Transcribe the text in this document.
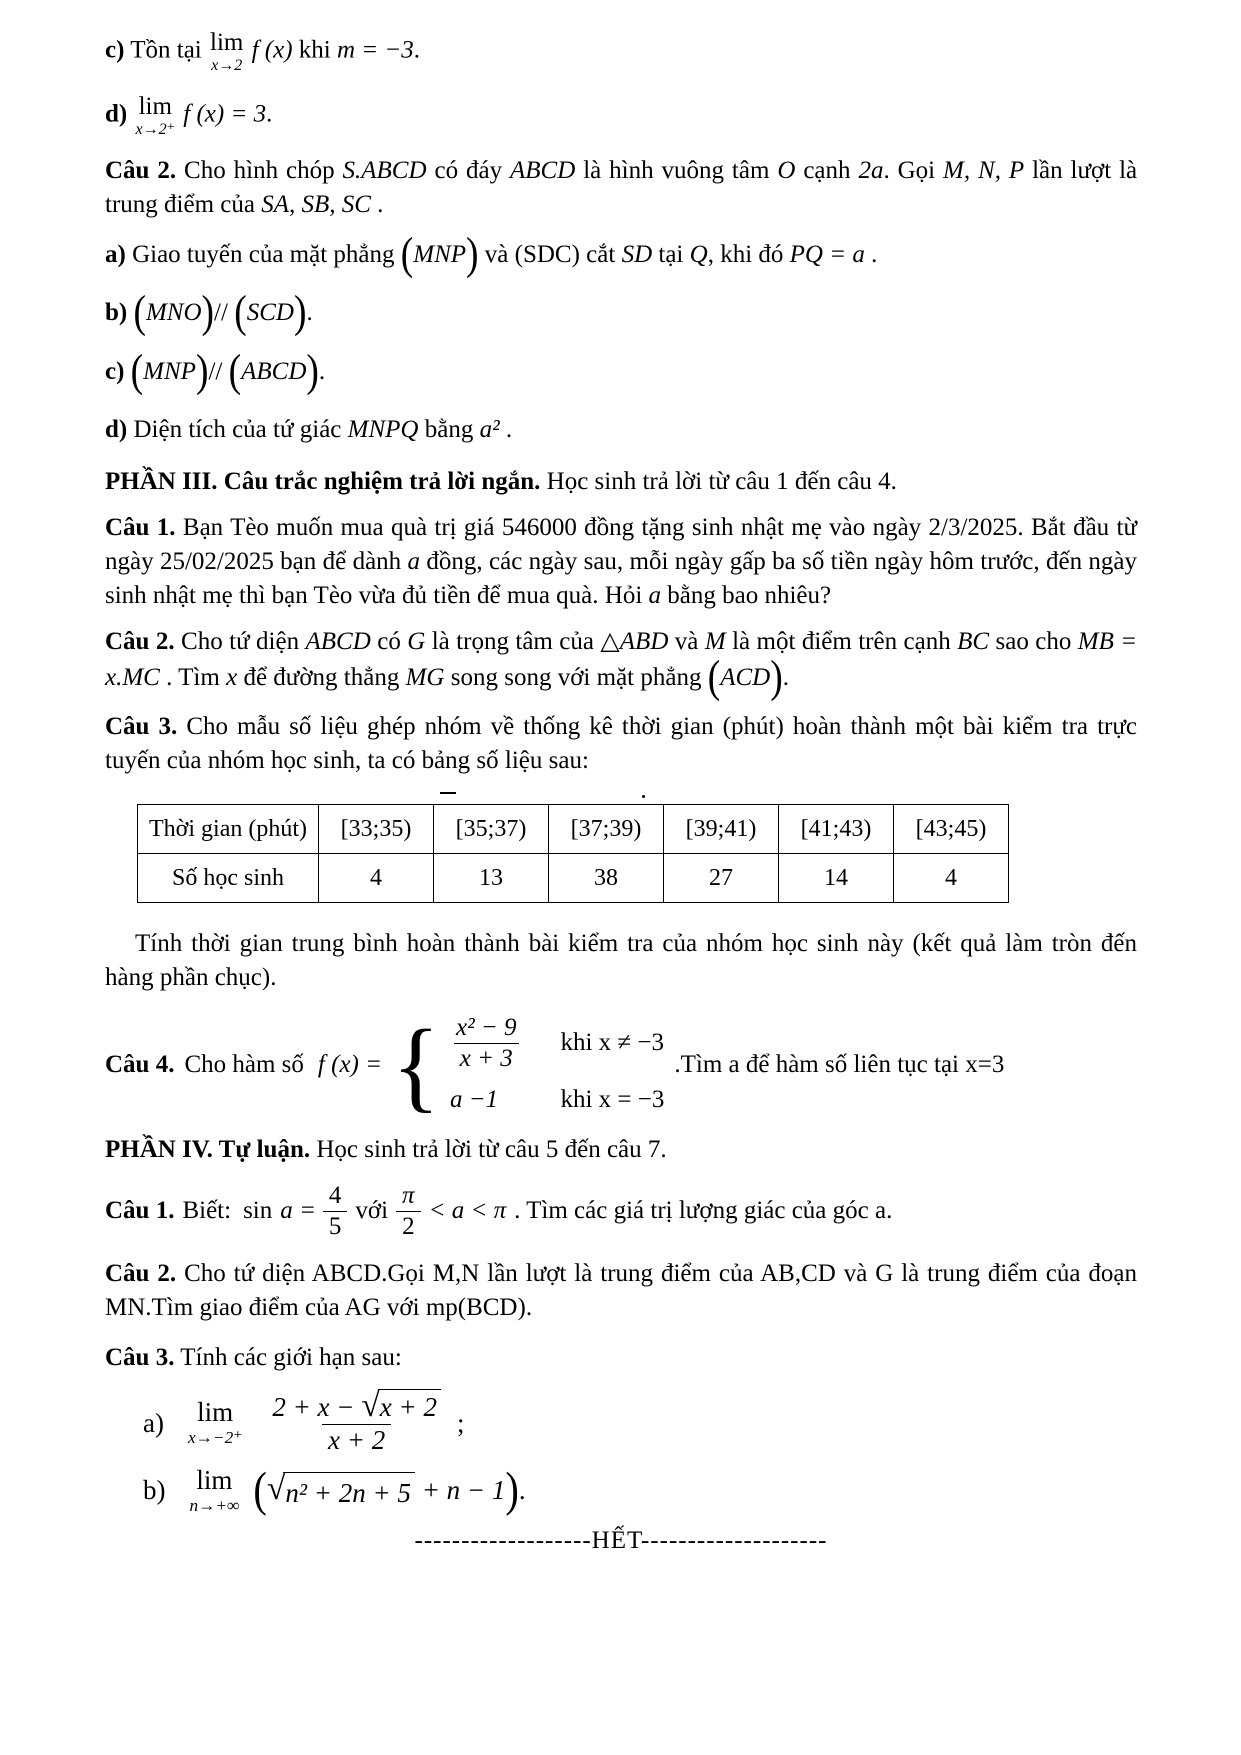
c) Tồn tại lim
x→2
f (x) khi m = −3.

d) lim
x→2⁺
f (x) = 3.

Câu 2. Cho hình chóp S.ABCD có đáy ABCD là hình vuông tâm O cạnh 2a. Gọi M, N, P lần lượt là trung điểm của SA, SB, SC .

a) Giao tuyến của mặt phẳng (MNP) và (SDC) cắt SD tại Q, khi đó PQ = a .

b) (MNO)// (SCD).

c) (MNP)// (ABCD).

d) Diện tích của tứ giác MNPQ bằng a² .

PHẦN III. Câu trắc nghiệm trả lời ngắn. Học sinh trả lời từ câu 1 đến câu 4.

Câu 1. Bạn Tèo muốn mua quà trị giá 546000 đồng tặng sinh nhật mẹ vào ngày 2/3/2025. Bắt đầu từ ngày 25/02/2025 bạn để dành a đồng, các ngày sau, mỗi ngày gấp ba số tiền ngày hôm trước, đến ngày sinh nhật mẹ thì bạn Tèo vừa đủ tiền để mua quà. Hỏi a bằng bao nhiêu?

Câu 2. Cho tứ diện ABCD có G là trọng tâm của △ABD và M là một điểm trên cạnh BC sao cho MB = x.MC . Tìm x để đường thẳng MG song song với mặt phẳng (ACD).

Câu 3. Cho mẫu số liệu ghép nhóm về thống kê thời gian (phút) hoàn thành một bài kiểm tra trực tuyến của nhóm học sinh, ta có bảng số liệu sau:

Thời gian (phút)	[33;35)	[35;37)	[37;39)	[39;41)	[41;43)	[43;45)
Số học sinh	4	13	38	27	14	4

Tính thời gian trung bình hoàn thành bài kiểm tra của nhóm học sinh này (kết quả làm tròn đến hàng phần chục).

Câu 4. Cho hàm số f (x) = { $\frac{\text{x² − 9}}{x + 3}$ khi x ≠ −3
a −1 khi x = −3
.Tìm a để hàm số liên tục tại x=3

PHẦN IV. Tự luận. Học sinh trả lời từ câu 5 đến câu 7.

Câu 1. Biết: $\sin a = \frac{4}{5}$ với $\frac{\pi}{2} < a < \pi$ . Tìm các giá trị lượng giác của góc a.

Câu 2. Cho tứ diện ABCD.Gọi M,N lần lượt là trung điểm của AB,CD và G là trung điểm của đoạn MN.Tìm giao điểm của AG với mp(BCD).

Câu 3. Tính các giới hạn sau:

a) lim
$x\to-2^+ \frac{2 + x - √ x + 2}{x + 2}$ ;
b) lim
n→+∞ ( √ n² + 2n + 5 + n − 1).

-------------------HẾT--------------------
